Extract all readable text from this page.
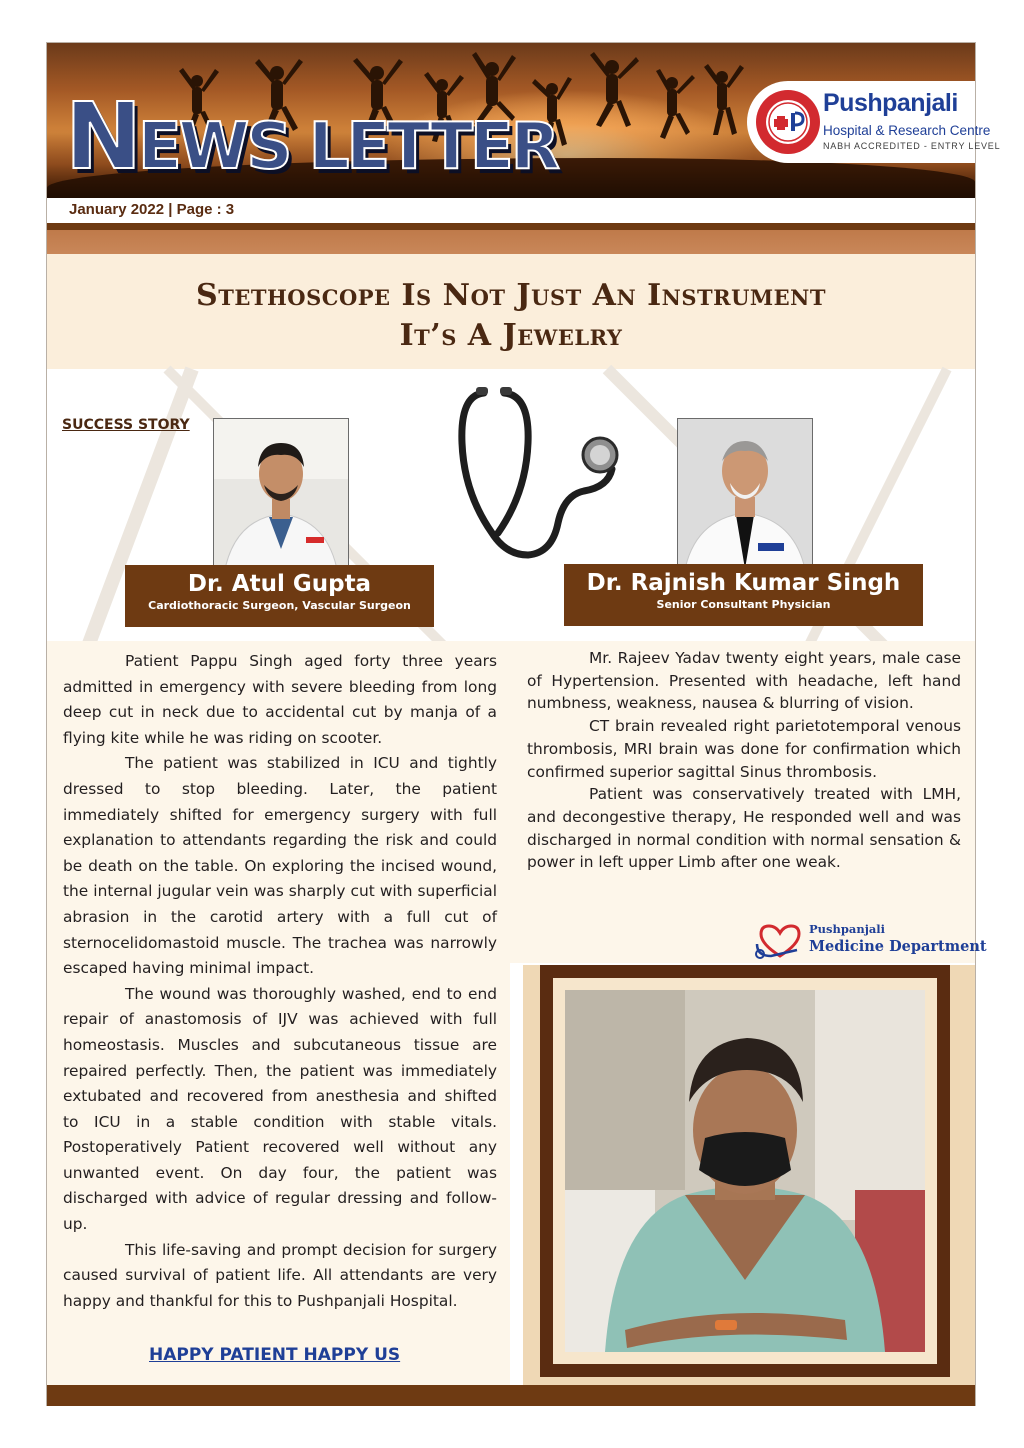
NEWS LETTER
Pushpanjali
Hospital & Research Centre
NABH ACCREDITED - ENTRY LEVEL
January 2022 | Page : 3
Stethoscope Is Not Just An Instrument
It’s A Jewelry
SUCCESS STORY
Dr. Atul Gupta
Cardiothoracic Surgeon, Vascular Surgeon
Dr. Rajnish Kumar Singh
Senior Consultant Physician

Patient Pappu Singh aged forty three years admitted in emergency with severe bleeding from long deep cut in neck due to accidental cut by manja of a flying kite while he was riding on scooter.

The patient was stabilized in ICU and tightly dressed to stop bleeding. Later, the patient immediately shifted for emergency surgery with full explanation to attendants regarding the risk and could be death on the table. On exploring the incised wound, the internal jugular vein was sharply cut with superficial abrasion in the carotid artery with a full cut of sternocelidomastoid muscle. The trachea was narrowly escaped having minimal impact.

The wound was thoroughly washed, end to end repair of anastomosis of IJV was achieved with full homeostasis. Muscles and subcutaneous tissue are repaired perfectly. Then, the patient was immediately extubated and recovered from anesthesia and shifted to ICU in a stable condition with stable vitals. Postoperatively Patient recovered well without any unwanted event. On day four, the patient was discharged with advice of regular dressing and follow-up.

This life-saving and prompt decision for surgery caused survival of patient life. All attendants are very happy and thankful for this to Pushpanjali Hospital.

Mr. Rajeev Yadav twenty eight years, male case of Hypertension. Presented with headache, left hand numbness, weakness, nausea & blurring of vision.

CT brain revealed right parietotemporal venous thrombosis, MRI brain was done for confirmation which confirmed superior sagittal Sinus thrombosis.

Patient was conservatively treated with LMH, and decongestive therapy, He responded well and was discharged in normal condition with normal sensation & power in left upper Limb after one weak.

Pushpanjali
Medicine Department
HAPPY PATIENT HAPPY US
